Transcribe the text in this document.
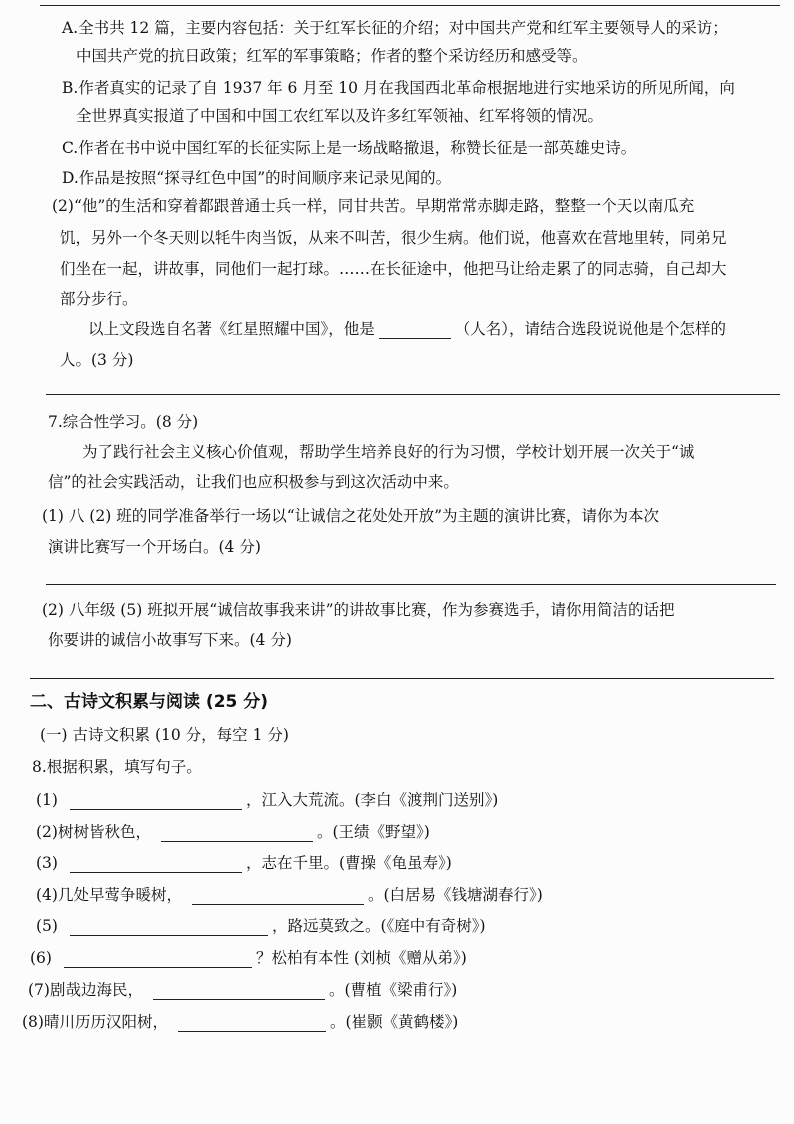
A.全书共 12 篇，主要内容包括：关于红军长征的介绍；对中国共产党和红军主要领导人的采访；
中国共产党的抗日政策；红军的军事策略；作者的整个采访经历和感受等。
B.作者真实的记录了自 1937 年 6 月至 10 月在我国西北革命根据地进行实地采访的所见所闻，向
全世界真实报道了中国和中国工农红军以及许多红军领袖、红军将领的情况。
C.作者在书中说中国红军的长征实际上是一场战略撤退，称赞长征是一部英雄史诗。
D.作品是按照“探寻红色中国”的时间顺序来记录见闻的。
(2)“他”的生活和穿着都跟普通士兵一样，同甘共苦。早期常常赤脚走路，整整一个天以南瓜充
饥，另外一个冬天则以牦牛肉当饭，从来不叫苦，很少生病。他们说，他喜欢在营地里转，同弟兄
们坐在一起，讲故事，同他们一起打球。……在长征途中，他把马让给走累了的同志骑，自己却大
部分步行。
以上文段选自名著《红星照耀中国》，他是	（人名），请结合选段说说他是个怎样的
人。(3 分)
7.综合性学习。(8 分)
为了践行社会主义核心价值观，帮助学生培养良好的行为习惯，学校计划开展一次关于“诚
信”的社会实践活动，让我们也应积极参与到这次活动中来。
(1) 八 (2) 班的同学准备举行一场以“让诚信之花处处开放”为主题的演讲比赛，请你为本次
演讲比赛写一个开场白。(4 分)
(2) 八年级 (5) 班拟开展“诚信故事我来讲”的讲故事比赛，作为参赛选手，请你用简洁的话把
你要讲的诚信小故事写下来。(4 分)
二、古诗文积累与阅读 (25 分)
(一) 古诗文积累 (10 分，每空 1 分)
8.根据积累，填写句子。
(1)	，江入大荒流。(李白《渡荆门送别》)
(2)树树皆秋色，	。(王绩《野望》)
(3)	，志在千里。(曹操《龟虽寿》)
(4)几处早莺争暖树，	。(白居易《钱塘湖春行》)
(5)	，路远莫致之。(《庭中有奇树》)
(6)	？松柏有本性 (刘桢《赠从弟》)
(7)剧哉边海民，	。(曹植《梁甫行》)
(8)晴川历历汉阳树，	。(崔颢《黄鹤楼》)
